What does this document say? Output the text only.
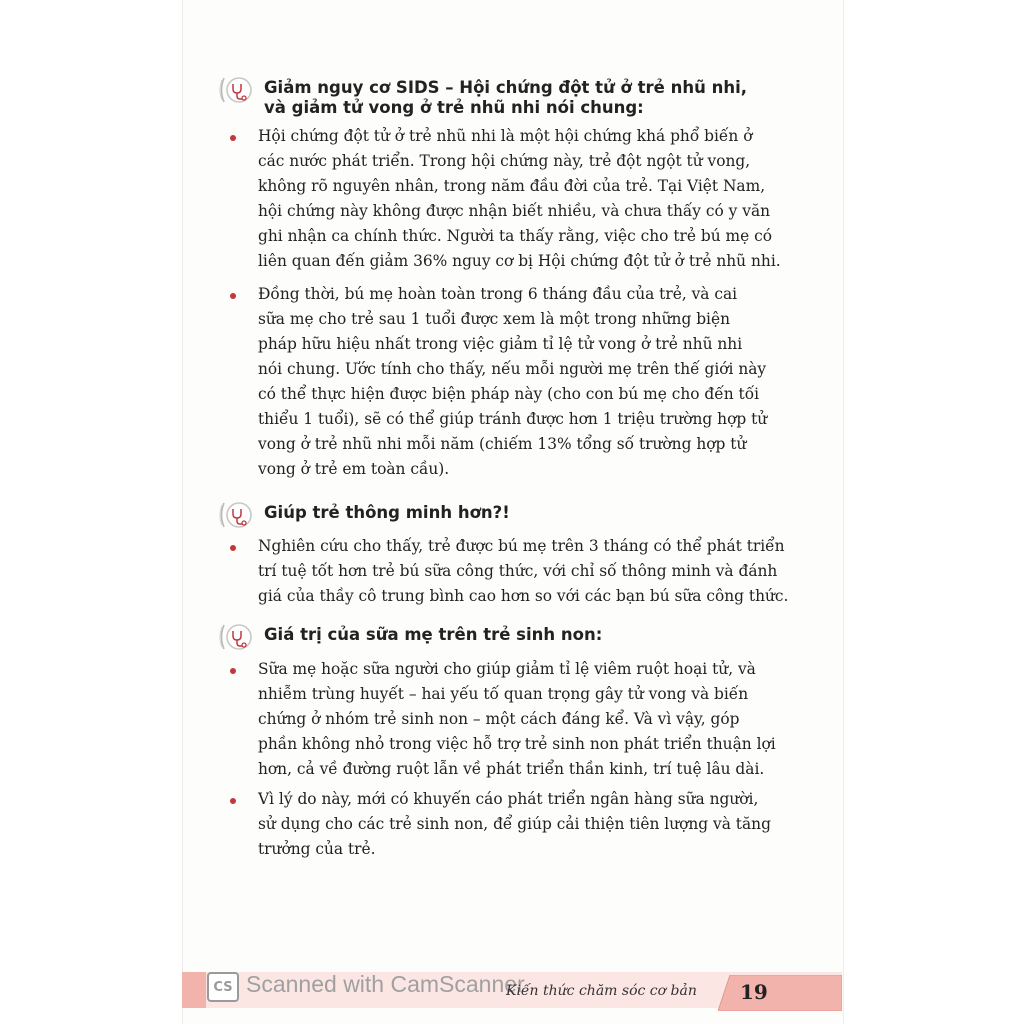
Giảm nguy cơ SIDS – Hội chứng đột tử ở trẻ nhũ nhi,
và giảm tử vong ở trẻ nhũ nhi nói chung:
Hội chứng đột tử ở trẻ nhũ nhi là một hội chứng khá phổ biến ở
các nước phát triển. Trong hội chứng này, trẻ đột ngột tử vong,
không rõ nguyên nhân, trong năm đầu đời của trẻ. Tại Việt Nam,
hội chứng này không được nhận biết nhiều, và chưa thấy có y văn
ghi nhận ca chính thức. Người ta thấy rằng, việc cho trẻ bú mẹ có
liên quan đến giảm 36% nguy cơ bị Hội chứng đột tử ở trẻ nhũ nhi.
Đồng thời, bú mẹ hoàn toàn trong 6 tháng đầu của trẻ, và cai
sữa mẹ cho trẻ sau 1 tuổi được xem là một trong những biện
pháp hữu hiệu nhất trong việc giảm tỉ lệ tử vong ở trẻ nhũ nhi
nói chung. Ước tính cho thấy, nếu mỗi người mẹ trên thế giới này
có thể thực hiện được biện pháp này (cho con bú mẹ cho đến tối
thiểu 1 tuổi), sẽ có thể giúp tránh được hơn 1 triệu trường hợp tử
vong ở trẻ nhũ nhi mỗi năm (chiếm 13% tổng số trường hợp tử
vong ở trẻ em toàn cầu).
Giúp trẻ thông minh hơn?!
Nghiên cứu cho thấy, trẻ được bú mẹ trên 3 tháng có thể phát triển
trí tuệ tốt hơn trẻ bú sữa công thức, với chỉ số thông minh và đánh
giá của thầy cô trung bình cao hơn so với các bạn bú sữa công thức.
Giá trị của sữa mẹ trên trẻ sinh non:
Sữa mẹ hoặc sữa người cho giúp giảm tỉ lệ viêm ruột hoại tử, và
nhiễm trùng huyết – hai yếu tố quan trọng gây tử vong và biến
chứng ở nhóm trẻ sinh non – một cách đáng kể. Và vì vậy, góp
phần không nhỏ trong việc hỗ trợ trẻ sinh non phát triển thuận lợi
hơn, cả về đường ruột lẫn về phát triển thần kinh, trí tuệ lâu dài.
Vì lý do này, mới có khuyến cáo phát triển ngân hàng sữa người,
sử dụng cho các trẻ sinh non, để giúp cải thiện tiên lượng và tăng
trưởng của trẻ.
CS Scanned with CamScanner
Kiến thức chăm sóc cơ bản 19
